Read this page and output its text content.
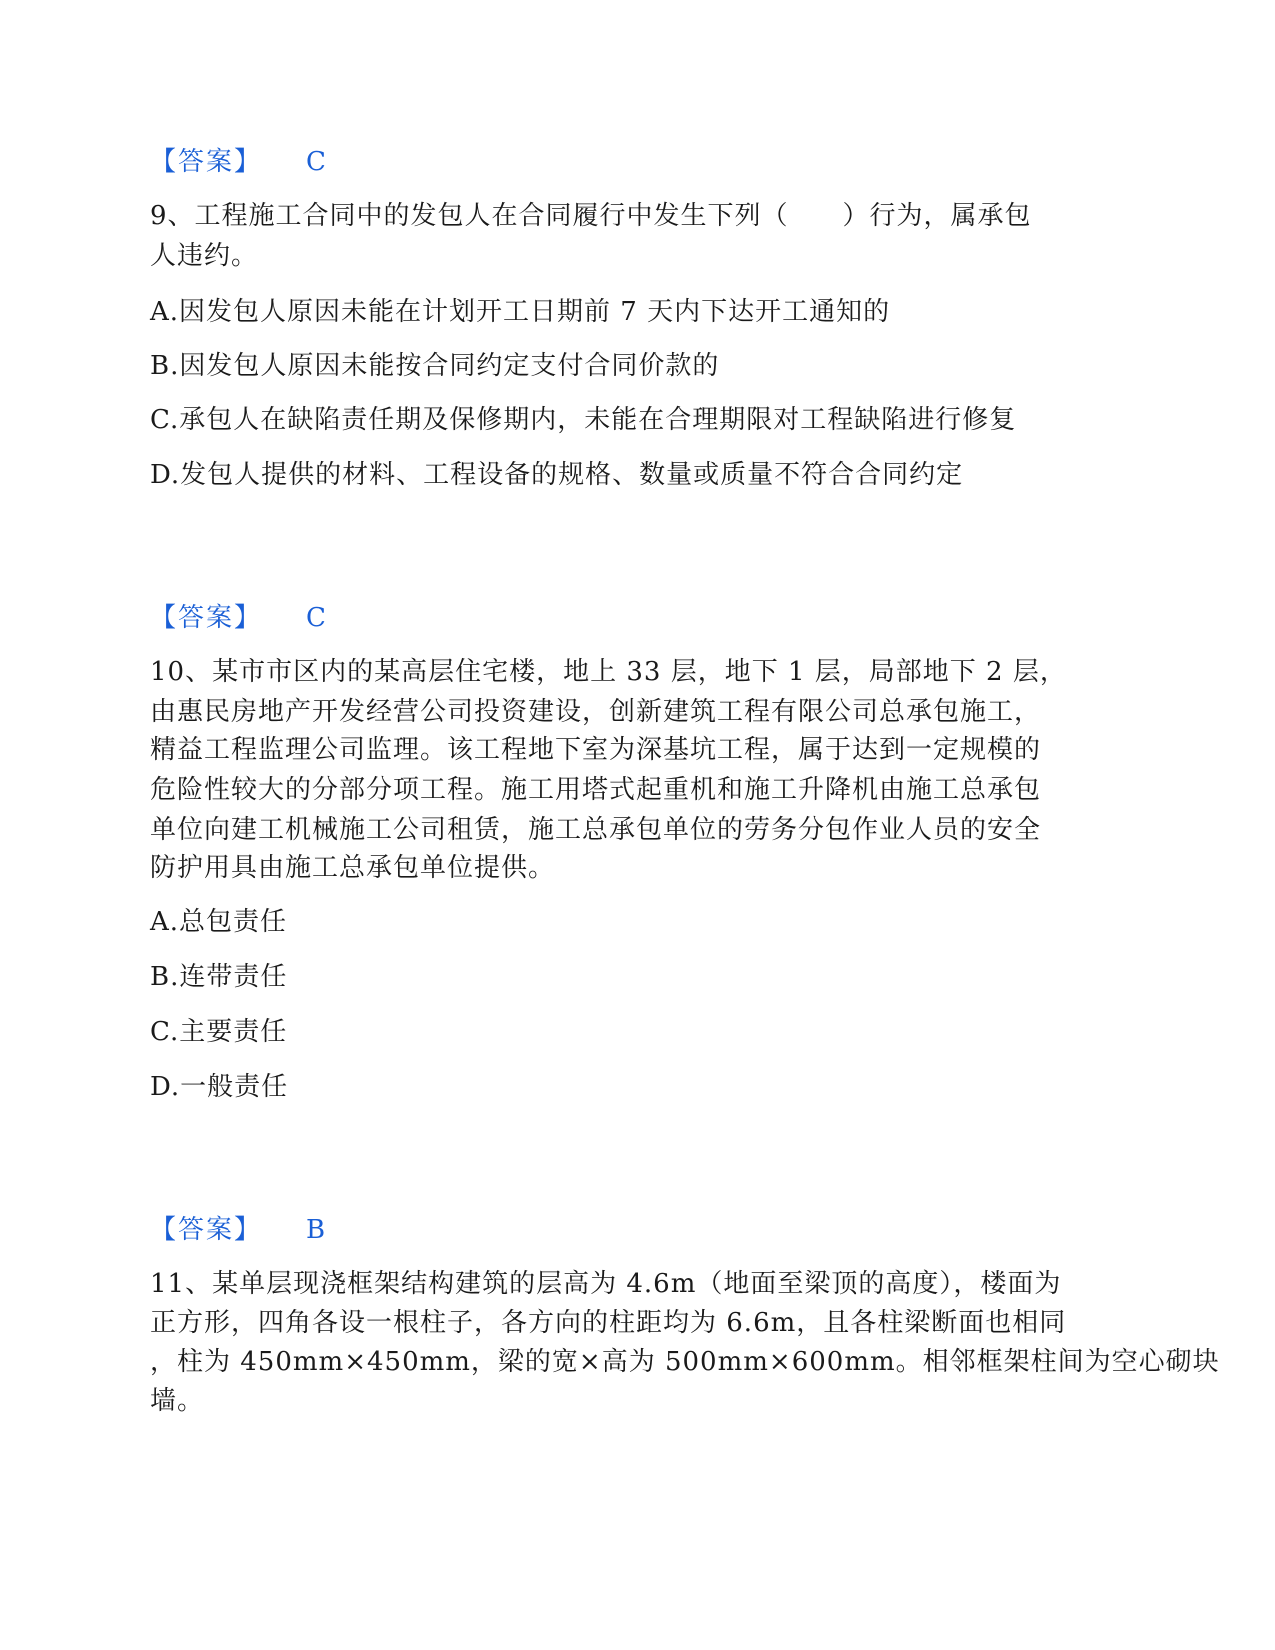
【答案】 C
9、工程施工合同中的发包人在合同履行中发生下列（　　）行为，属承包
人违约。
A.因发包人原因未能在计划开工日期前 7 天内下达开工通知的
B.因发包人原因未能按合同约定支付合同价款的
C.承包人在缺陷责任期及保修期内，未能在合理期限对工程缺陷进行修复
D.发包人提供的材料、工程设备的规格、数量或质量不符合合同约定
【答案】 C
10、某市市区内的某高层住宅楼，地上 33 层，地下 1 层，局部地下 2 层，
由惠民房地产开发经营公司投资建设，创新建筑工程有限公司总承包施工，
精益工程监理公司监理。该工程地下室为深基坑工程，属于达到一定规模的
危险性较大的分部分项工程。施工用塔式起重机和施工升降机由施工总承包
单位向建工机械施工公司租赁，施工总承包单位的劳务分包作业人员的安全
防护用具由施工总承包单位提供。
A.总包责任
B.连带责任
C.主要责任
D.一般责任
【答案】 B
11、某单层现浇框架结构建筑的层高为 4.6m（地面至梁顶的高度），楼面为
正方形，四角各设一根柱子，各方向的柱距均为 6.6m，且各柱梁断面也相同
，柱为 450mm×450mm，梁的宽×高为 500mm×600mm。相邻框架柱间为空心砌块
墙。
